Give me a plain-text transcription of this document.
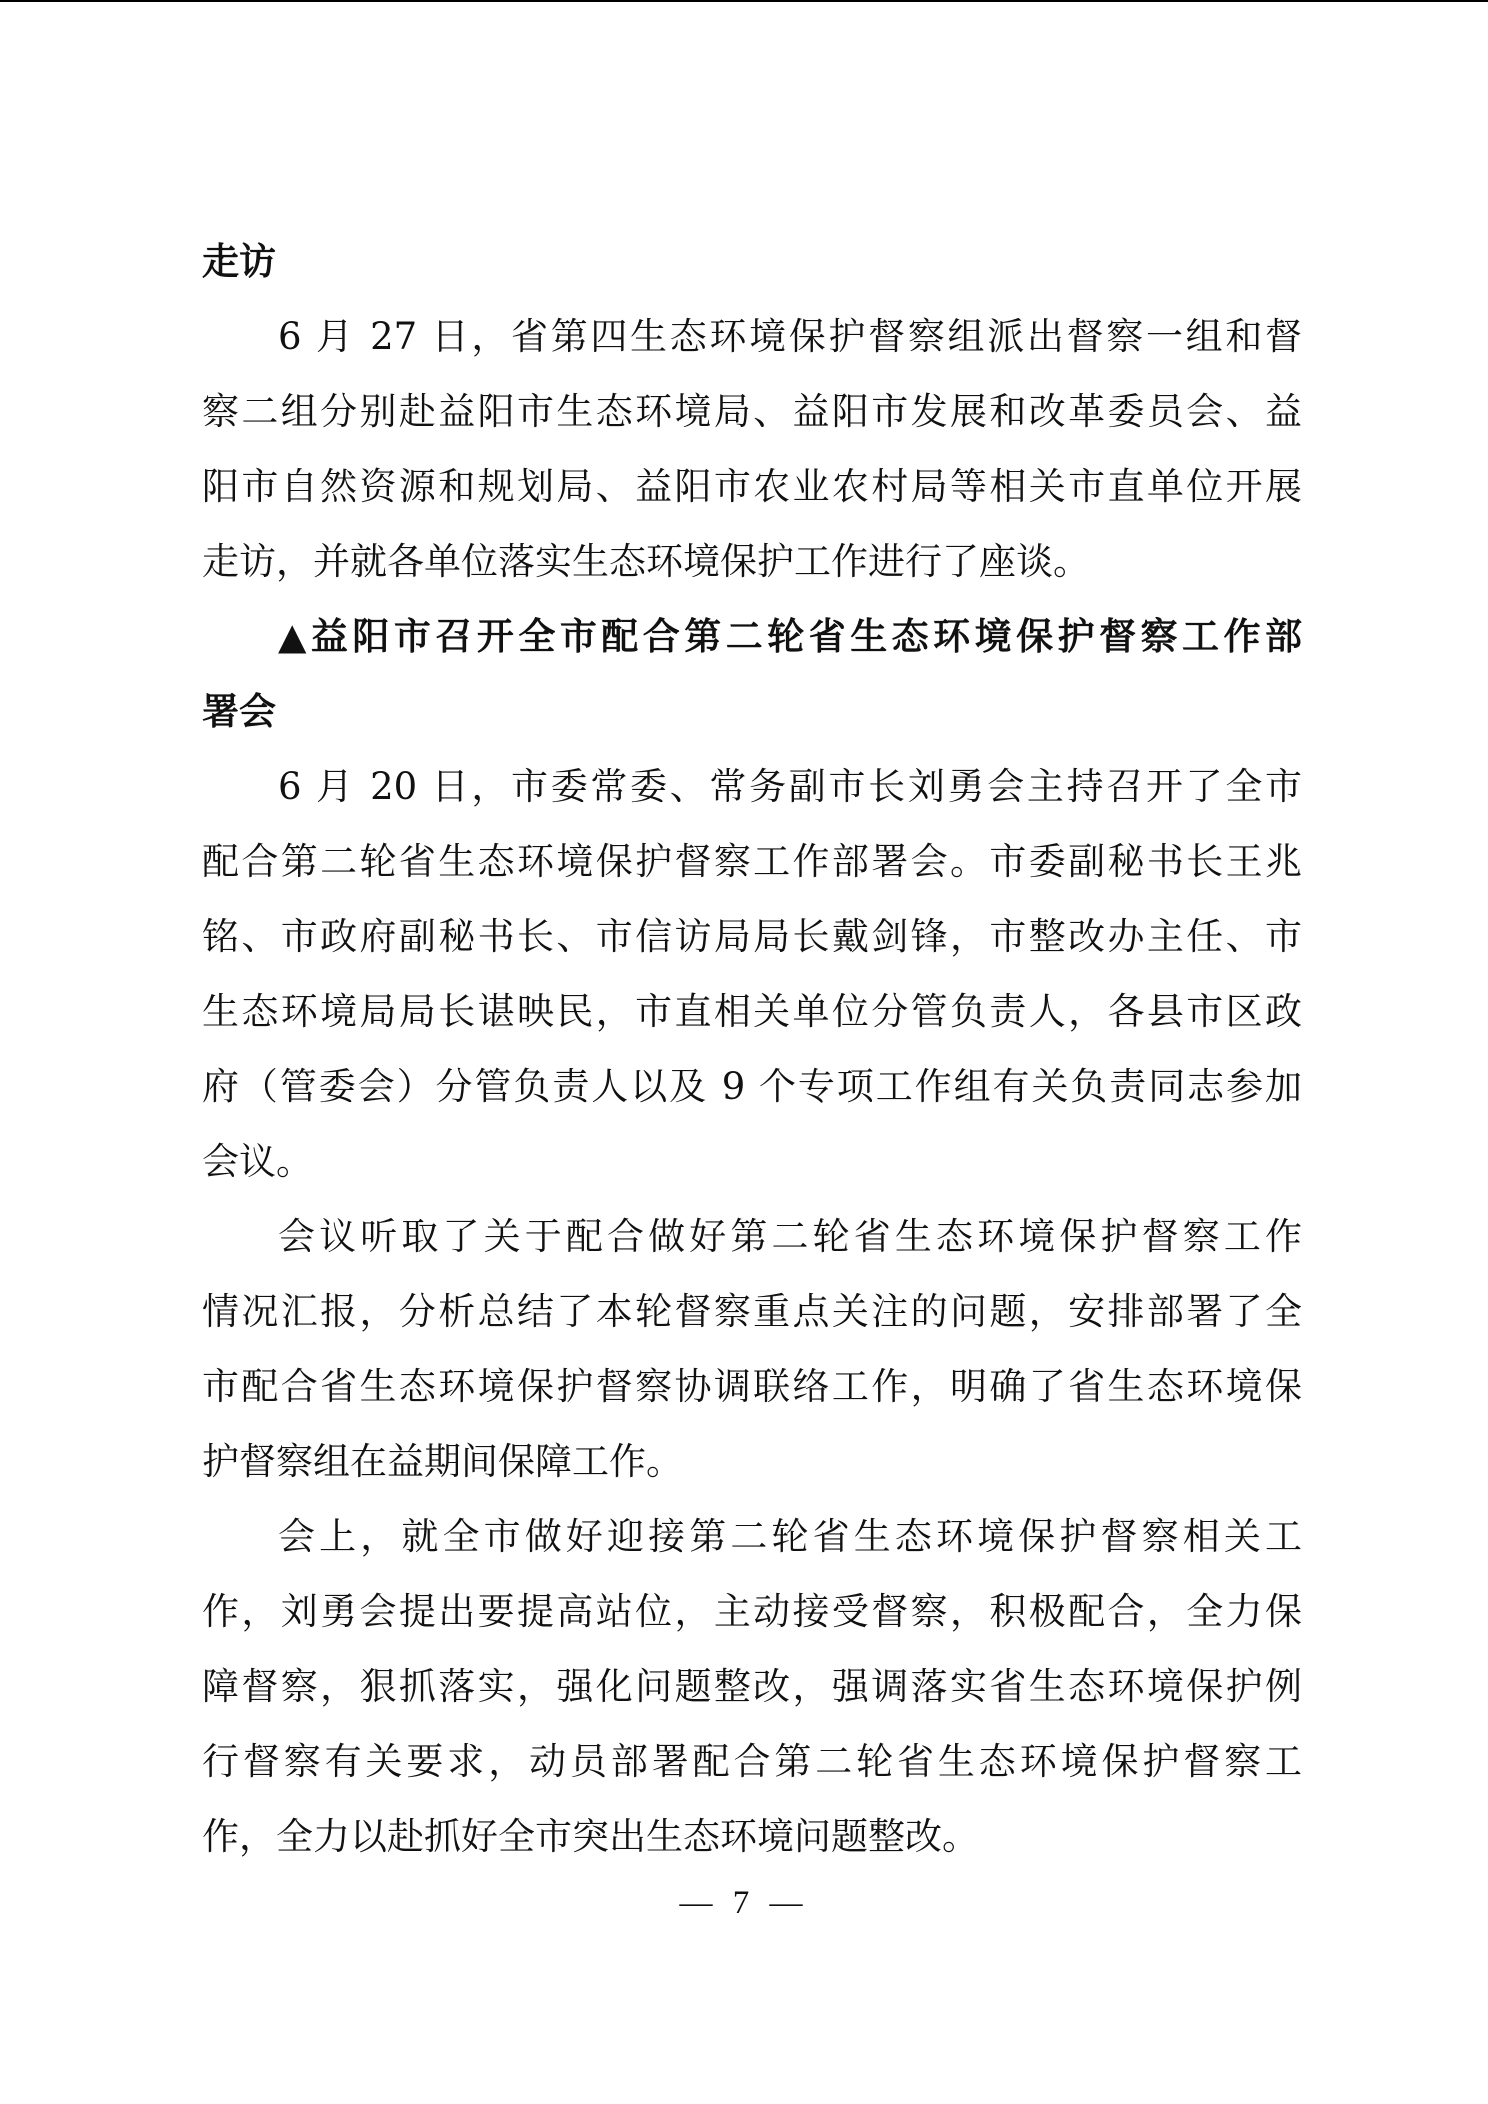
走访
6 月 27 日，省第四生态环境保护督察组派出督察一组和督
察二组分别赴益阳市生态环境局、益阳市发展和改革委员会、益
阳市自然资源和规划局、益阳市农业农村局等相关市直单位开展
走访，并就各单位落实生态环境保护工作进行了座谈。
▲益阳市召开全市配合第二轮省生态环境保护督察工作部
署会
6 月 20 日，市委常委、常务副市长刘勇会主持召开了全市
配合第二轮省生态环境保护督察工作部署会。市委副秘书长王兆
铭、市政府副秘书长、市信访局局长戴剑锋，市整改办主任、市
生态环境局局长谌映民，市直相关单位分管负责人，各县市区政
府（管委会）分管负责人以及 9 个专项工作组有关负责同志参加
会议。
会议听取了关于配合做好第二轮省生态环境保护督察工作
情况汇报，分析总结了本轮督察重点关注的问题，安排部署了全
市配合省生态环境保护督察协调联络工作，明确了省生态环境保
护督察组在益期间保障工作。
会上，就全市做好迎接第二轮省生态环境保护督察相关工
作，刘勇会提出要提高站位，主动接受督察，积极配合，全力保
障督察，狠抓落实，强化问题整改，强调落实省生态环境保护例
行督察有关要求，动员部署配合第二轮省生态环境保护督察工
作，全力以赴抓好全市突出生态环境问题整改。
— 7 —
